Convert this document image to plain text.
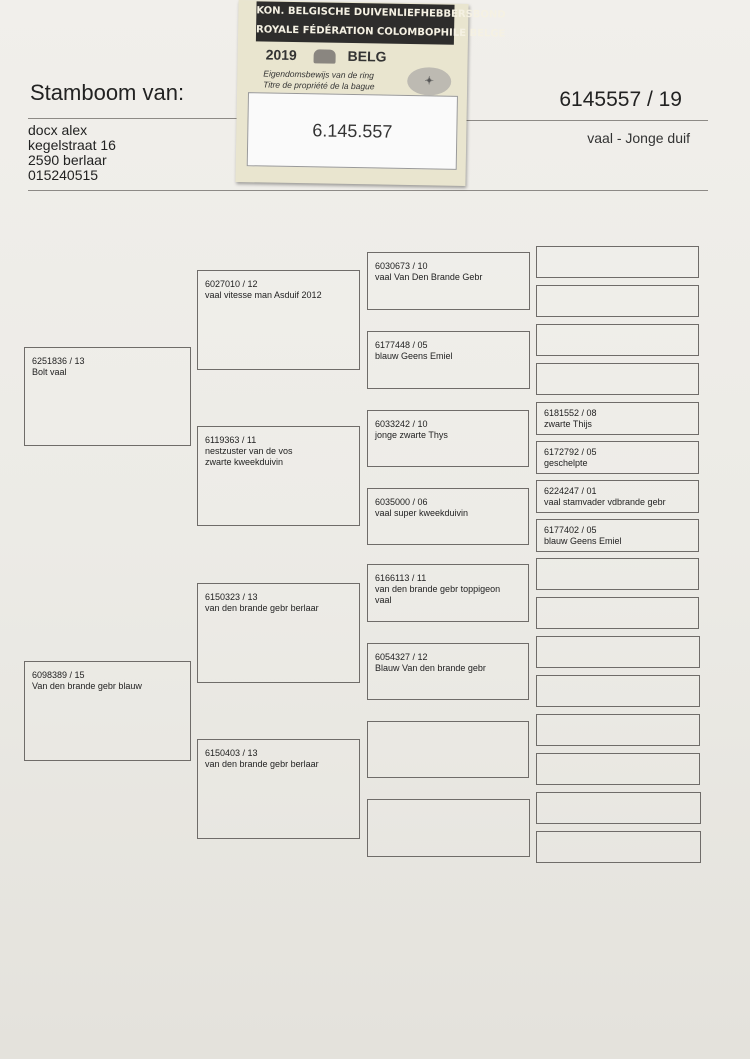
Stamboom van:	6145557 / 19
vaal - Jonge duif
docx alex
kegelstraat 16
2590 berlaar
015240515
KON. BELGISCHE DUIVENLIEFHEBBERSBOND
ROYALE FÉDÉRATION COLOMBOPHILE BELGE
2019	BELG
Eigendomsbewijs van de ring
Titre de propriété de la bague	✦
6.145.557
6251836 / 13
Bolt vaal
6098389 / 15
Van den brande gebr blauw
6027010 / 12
vaal vitesse man Asduif 2012
6119363 / 11
nestzuster van de vos
zwarte kweekduivin
6150323 / 13
van den brande gebr berlaar
6150403 / 13
van den brande gebr berlaar
6030673 / 10
vaal Van Den Brande Gebr
6177448 / 05
blauw Geens Emiel
6033242 / 10
jonge zwarte Thys
6035000 / 06
vaal super kweekduivin
6166113 / 11
van den brande gebr toppigeon
vaal
6054327 / 12
Blauw Van den brande gebr
6181552 / 08
zwarte Thijs
6172792 / 05
geschelpte
6224247 / 01
vaal stamvader vdbrande gebr
6177402 / 05
blauw Geens Emiel
